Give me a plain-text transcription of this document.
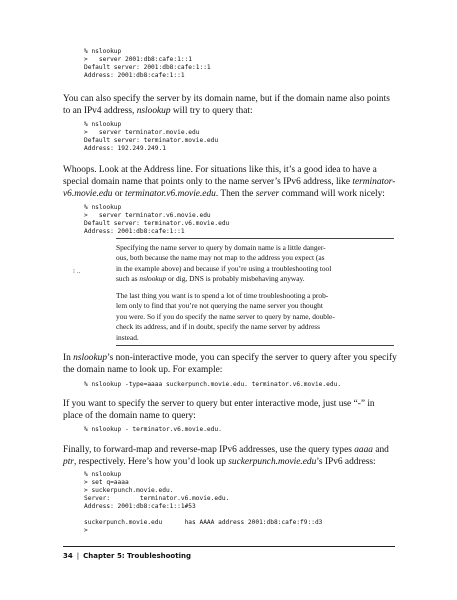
% nslookup
>   server 2001:db8:cafe:1::1
Default server: 2001:db8:cafe:1::1
Address: 2001:db8:cafe:1::1
You can also specify the server by its domain name, but if the domain name also points
to an IPv4 address, nslookup will try to query that:
% nslookup
>   server terminator.movie.edu
Default server: terminator.movie.edu
Address: 192.249.249.1
Whoops. Look at the Address line. For situations like this, it’s a good idea to have a
special domain name that points only to the name server’s IPv6 address, like terminator-
v6.movie.edu or terminator.v6.movie.edu. Then the server command will work nicely:
% nslookup
>   server terminator.v6.movie.edu
Default server: terminator.v6.movie.edu
Address: 2001:db8:cafe:1::1
⁝ ..
Specifying the name server to query by domain name is a little danger-
ous, both because the name may not map to the address you expect (as
in the example above) and because if you’re using a troubleshooting tool
such as nslookup or dig, DNS is probably misbehaving anyway.
The last thing you want is to spend a lot of time troubleshooting a prob-
lem only to find that you’re not querying the name server you thought
you were. So if you do specify the name server to query by name, double-
check its address, and if in doubt, specify the name server by address
instead.
In nslookup’s non-interactive mode, you can specify the server to query after you specify
the domain name to look up. For example:
% nslookup -type=aaaa suckerpunch.movie.edu. terminator.v6.movie.edu.
If you want to specify the server to query but enter interactive mode, just use “-” in
place of the domain name to query:
% nslookup - terminator.v6.movie.edu.
Finally, to forward-map and reverse-map IPv6 addresses, use the query types aaaa and
ptr, respectively. Here’s how you’d look up suckerpunch.movie.edu’s IPv6 address:
% nslookup
> set q=aaaa
> suckerpunch.movie.edu.
Server:        terminator.v6.movie.edu.
Address: 2001:db8:cafe:1::1#53
suckerpunch.movie.edu      has AAAA address 2001:db8:cafe:f9::d3
>
34 | Chapter 5: Troubleshooting
